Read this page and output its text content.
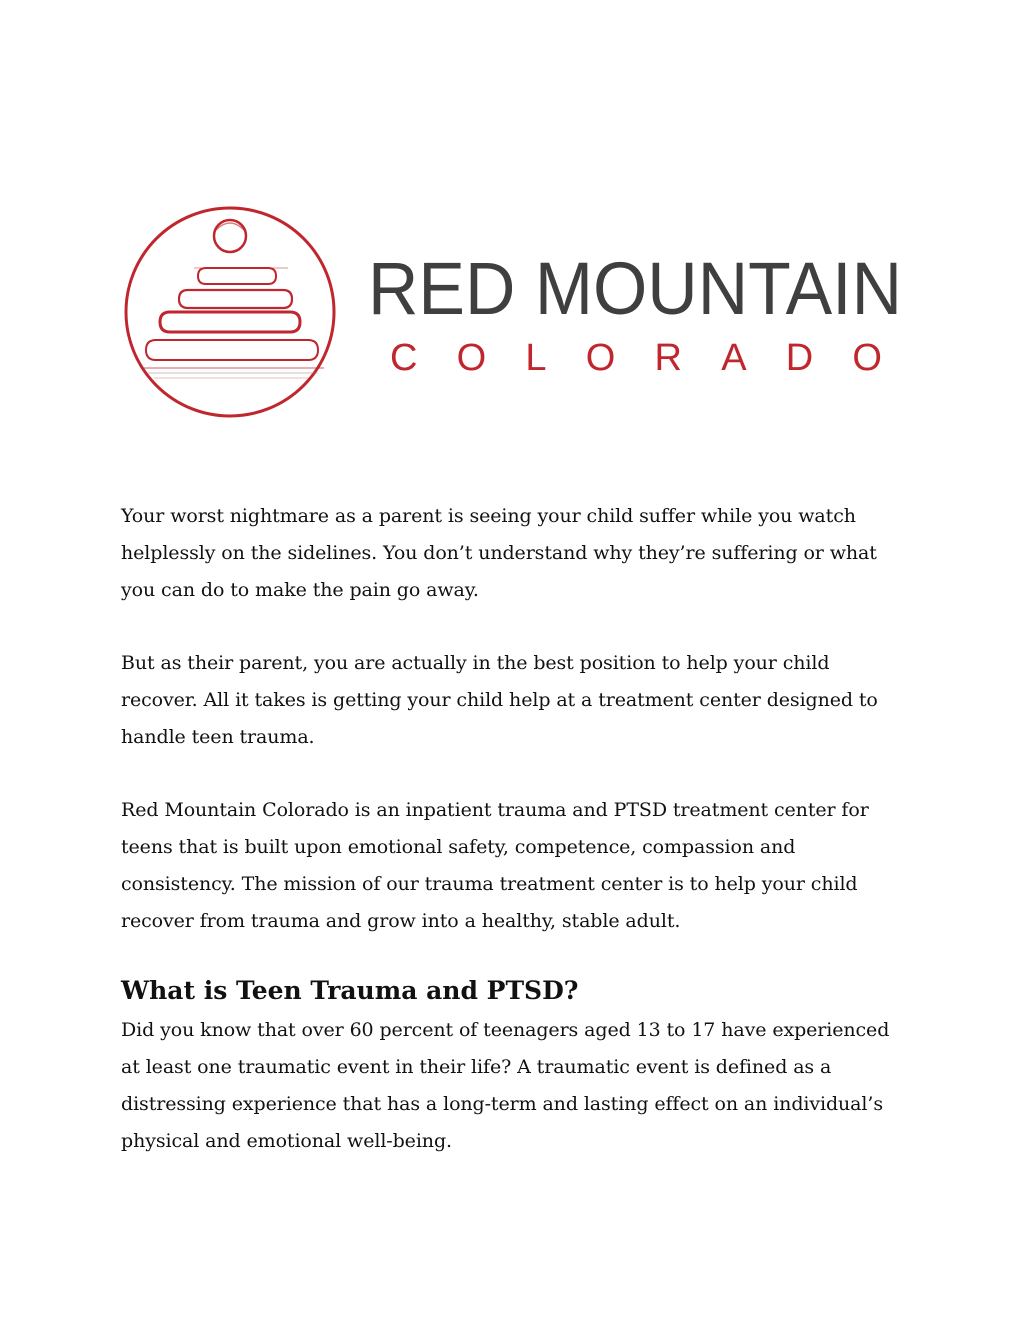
RED MOUNTAIN
COLORADO

Your worst nightmare as a parent is seeing your child suffer while you watch helplessly on the sidelines. You don’t understand why they’re suffering or what you can do to make the pain go away.

But as their parent, you are actually in the best position to help your child recover. All it takes is getting your child help at a treatment center designed to handle teen trauma.

Red Mountain Colorado is an inpatient trauma and PTSD treatment center for teens that is built upon emotional safety, competence, compassion and consistency. The mission of our trauma treatment center is to help your child recover from trauma and grow into a healthy, stable adult.

What is Teen Trauma and PTSD?

Did you know that over 60 percent of teenagers aged 13 to 17 have experienced at least one traumatic event in their life? A traumatic event is defined as a distressing experience that has a long-term and lasting effect on an individual’s physical and emotional well-being.
